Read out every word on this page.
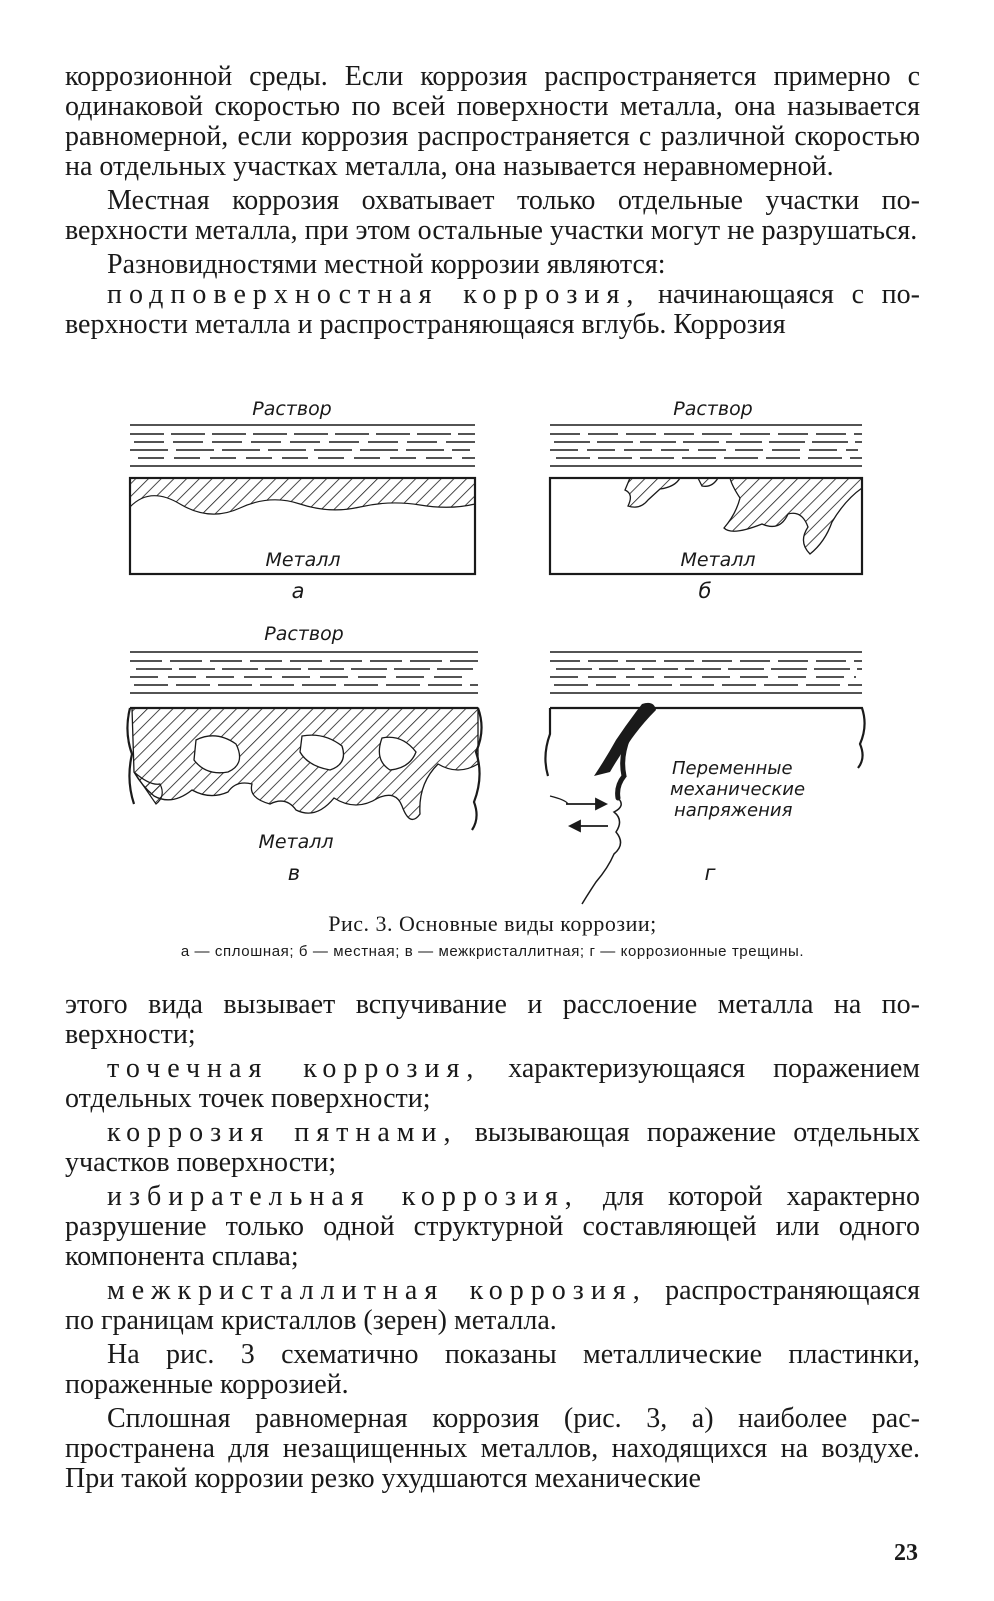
коррозионной среды. Если коррозия распространяется примерно с одинаковой скоростью по всей поверхности металла, она называется равномерной, если коррозия распространяется с различной скоростью на отдельных участках металла, она называется неравномерной.

Местная коррозия охватывает только отдельные участки поверхности металла, при этом остальные участки могут не разрушаться.

Разновидностями местной коррозии являются:

подповерхностная коррозия, начинающаяся с поверхности металла и распространяющаяся вглубь. Коррозия

Раствор
Металл
а
Раствор
Металл
б
Раствор
Металл
в
Переменные
механические
напряжения
г
Рис. 3. Основные виды коррозии;
а — сплошная; б — местная; в — межкристаллитная; г — коррозионные трещины.

этого вида вызывает вспучивание и расслоение металла на поверхности;

точечная коррозия, характеризующаяся поражением отдельных точек поверхности;

коррозия пятнами, вызывающая поражение отдельных участков поверхности;

избирательная коррозия, для которой характерно разрушение только одной структурной составляющей или одного компонента сплава;

межкристаллитная коррозия, распространяющаяся по границам кристаллов (зерен) металла.

На рис. 3 схематично показаны металлические пластинки, пораженные коррозией.

Сплошная равномерная коррозия (рис. 3, а) наиболее распространена для незащищенных металлов, находящихся на воздухе. При такой коррозии резко ухудшаются механические

23
